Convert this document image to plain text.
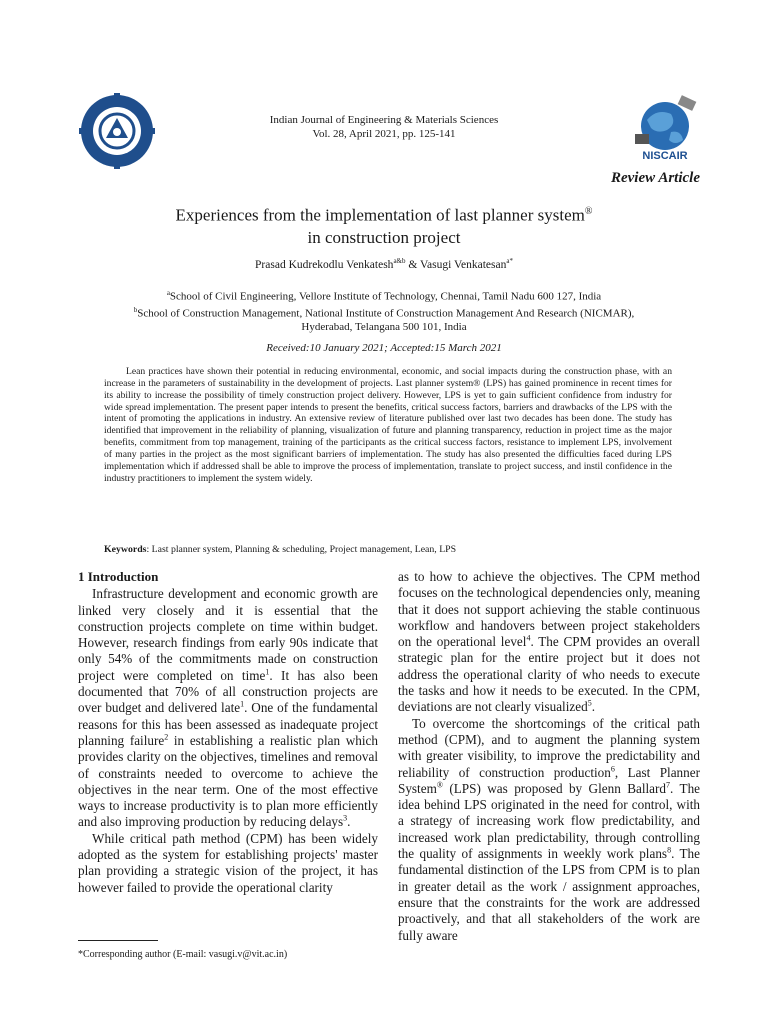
Indian Journal of Engineering & Materials Sciences
Vol. 28, April 2021, pp. 125-141
NISCAIR
Review Article
Experiences from the implementation of last planner system®
in construction project
Prasad Kudrekodlu Venkatesh$^{a\&b}$ & Vasugi Venkatesan$^{a*}$
$^a$School of Civil Engineering, Vellore Institute of Technology, Chennai, Tamil Nadu 600 127, India
$^b$School of Construction Management, National Institute of Construction Management And Research (NICMAR),
Hyderabad, Telangana 500 101, India
Received:10 January 2021; Accepted:15 March 2021
Lean practices have shown their potential in reducing environmental, economic, and social impacts during the construction phase, with an increase in the parameters of sustainability in the development of projects. Last planner system® (LPS) has gained prominence in recent times for its ability to increase the possibility of timely construction project delivery. However, LPS is yet to gain sufficient confidence from industry for wide spread implementation. The present paper intends to present the benefits, critical success factors, barriers and drawbacks of the LPS with the intent of promoting the applications in industry. An extensive review of literature published over last two decades has been done. The study has identified that improvement in the reliability of planning, visualization of future and planning transparency, reduction in project time as the major benefits, commitment from top management, training of the participants as the critical success factors, resistance to implement LPS, involvement of many parties in the project as the most significant barriers of implementation. The study has also presented the difficulties faced during LPS implementation which if addressed shall be able to improve the process of implementation, translate to project success, and instil confidence in the industry practitioners to implement the system widely.
Keywords: Last planner system, Planning & scheduling, Project management, Lean, LPS
1 Introduction

Infrastructure development and economic growth are linked very closely and it is essential that the construction projects complete on time within budget. However, research findings from early 90s indicate that only 54% of the commitments made on construction project were completed on time$^1$. It has also been documented that 70% of all construction projects are over budget and delivered late$^1$. One of the fundamental reasons for this has been assessed as inadequate project planning failure$^2$ in establishing a realistic plan which provides clarity on the objectives, timelines and removal of constraints needed to overcome to achieve the objectives in the near term. One of the most effective ways to increase productivity is to plan more efficiently and also improving production by reducing delays$^3$.

While critical path method (CPM) has been widely adopted as the system for establishing projects' master plan providing a strategic vision of the project, it has however failed to provide the operational clarity

as to how to achieve the objectives. The CPM method focuses on the technological dependencies only, meaning that it does not support achieving the stable continuous workflow and handovers between project stakeholders on the operational level$^4$. The CPM provides an overall strategic plan for the entire project but it does not address the operational clarity of who needs to execute the tasks and how it needs to be executed. In the CPM, deviations are not clearly visualized$^5$.

To overcome the shortcomings of the critical path method (CPM), and to augment the planning system with greater visibility, to improve the predictability and reliability of construction production$^6$, Last Planner System® (LPS) was proposed by Glenn Ballard$^7$. The idea behind LPS originated in the need for control, with a strategy of increasing work flow predictability, and increased work plan predictability, through controlling the quality of assignments in weekly work plans$^8$. The fundamental distinction of the LPS from CPM is to plan in greater detail as the work / assignment approaches, ensure that the constraints for the work are addressed proactively, and that all stakeholders of the work are fully aware

*Corresponding author (E-mail: vasugi.v@vit.ac.in)
